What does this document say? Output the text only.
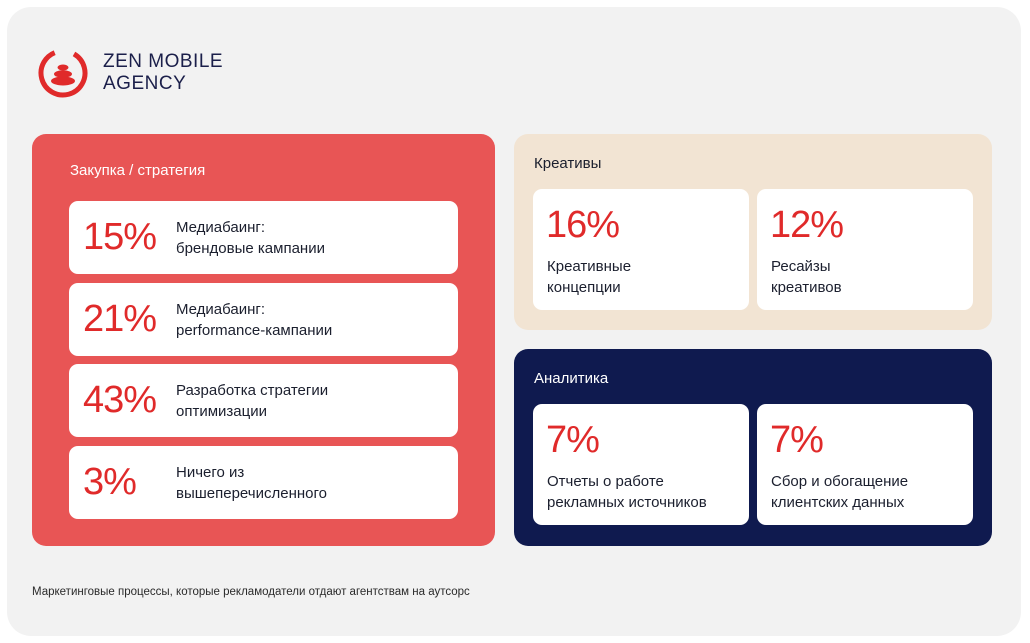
ZEN MOBILE
AGENCY
Закупка / стратегия
15% Медиабаинг:
брендовые кампании
21% Медиабаинг:
performance-кампании
43% Разработка стратегии
оптимизации
3%	Ничего из
вышеперечисленного
Креативы
16%
Креативные
концепции
12%
Ресайзы
креативов
Аналитика
7%
Отчеты о работе
рекламных источников
7%
Сбор и обогащение
клиентских данных
Маркетинговые процессы, которые рекламодатели отдают агентствам на аутсорс
